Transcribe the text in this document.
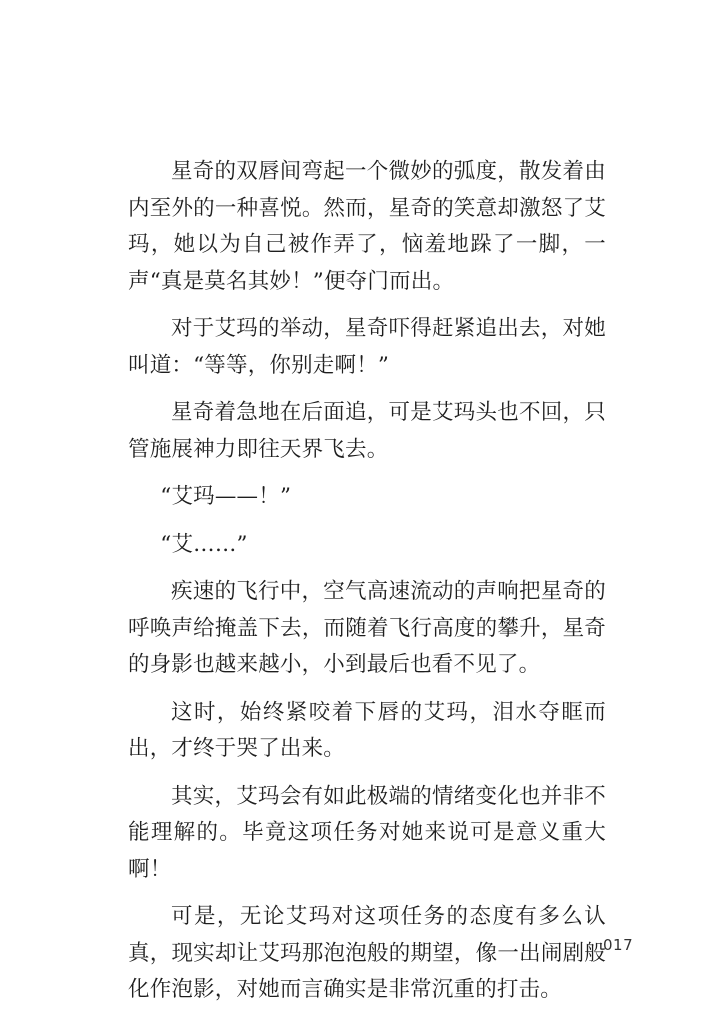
星奇的双唇间弯起一个微妙的弧度，散发着由内至外的一种喜悦。然而，星奇的笑意却激怒了艾玛，她以为自己被作弄了，恼羞地跺了一脚，一声“真是莫名其妙！”便夺门而出。

对于艾玛的举动，星奇吓得赶紧追出去，对她叫道：“等等，你别走啊！”

星奇着急地在后面追，可是艾玛头也不回，只管施展神力即往天界飞去。

“艾玛——！”

“艾……”

疾速的飞行中，空气高速流动的声响把星奇的呼唤声给掩盖下去，而随着飞行高度的攀升，星奇的身影也越来越小，小到最后也看不见了。

这时，始终紧咬着下唇的艾玛，泪水夺眶而出，才终于哭了出来。

其实，艾玛会有如此极端的情绪变化也并非不能理解的。毕竟这项任务对她来说可是意义重大啊！

可是，无论艾玛对这项任务的态度有多么认真，现实却让艾玛那泡泡般的期望，像一出闹剧般化作泡影，对她而言确实是非常沉重的打击。

017
